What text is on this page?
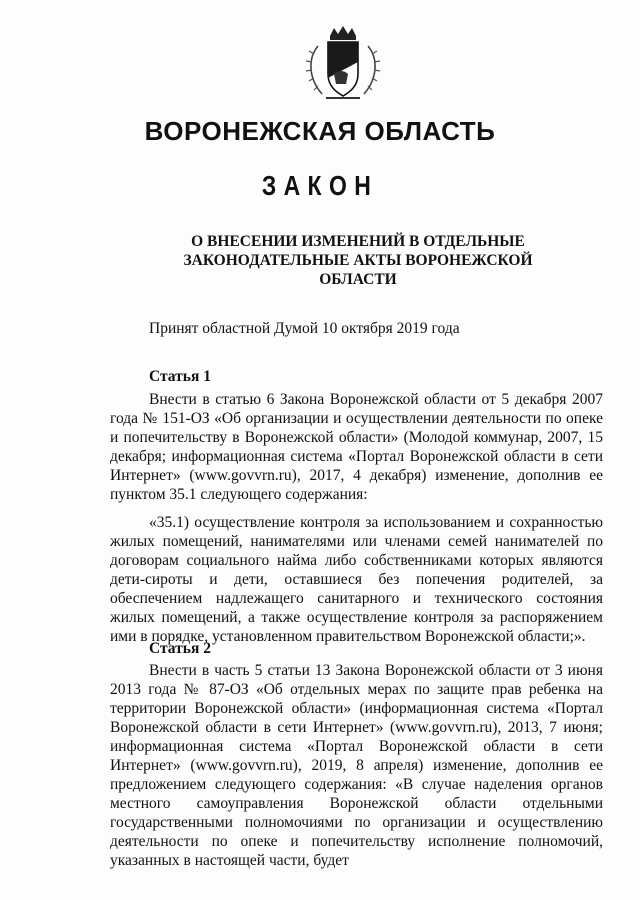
ВОРОНЕЖСКАЯ ОБЛАСТЬ
ЗАКОН
О ВНЕСЕНИИ ИЗМЕНЕНИЙ В ОТДЕЛЬНЫЕ ЗАКОНОДАТЕЛЬНЫЕ АКТЫ ВОРОНЕЖСКОЙ ОБЛАСТИ
Принят областной Думой 10 октября 2019 года
Статья 1
Внести в статью 6 Закона Воронежской области от 5 декабря 2007 года № 151-ОЗ «Об организации и осуществлении деятельности по опеке и попечительству в Воронежской области» (Молодой коммунар, 2007, 15 декабря; информационная система «Портал Воронежской области в сети Интернет» (www.govvrn.ru), 2017, 4 декабря) изменение, дополнив ее пунктом 35.1 следующего содержания:
«35.1) осуществление контроля за использованием и сохранностью жилых помещений, нанимателями или членами семей нанимателей по договорам социального найма либо собственниками которых являются дети-сироты и дети, оставшиеся без попечения родителей, за обеспечением надлежащего санитарного и технического состояния жилых помещений, а также осуществление контроля за распоряжением ими в порядке, установленном правительством Воронежской области;».
Статья 2
Внести в часть 5 статьи 13 Закона Воронежской области от 3 июня 2013 года № 87-ОЗ «Об отдельных мерах по защите прав ребенка на территории Воронежской области» (информационная система «Портал Воронежской области в сети Интернет» (www.govvrn.ru), 2013, 7 июня; информационная система «Портал Воронежской области в сети Интернет» (www.govvrn.ru), 2019, 8 апреля) изменение, дополнив ее предложением следующего содержания: «В случае наделения органов местного самоуправления Воронежской области отдельными государственными полномочиями по организации и осуществлению деятельности по опеке и попечительству исполнение полномочий, указанных в настоящей части, будет
